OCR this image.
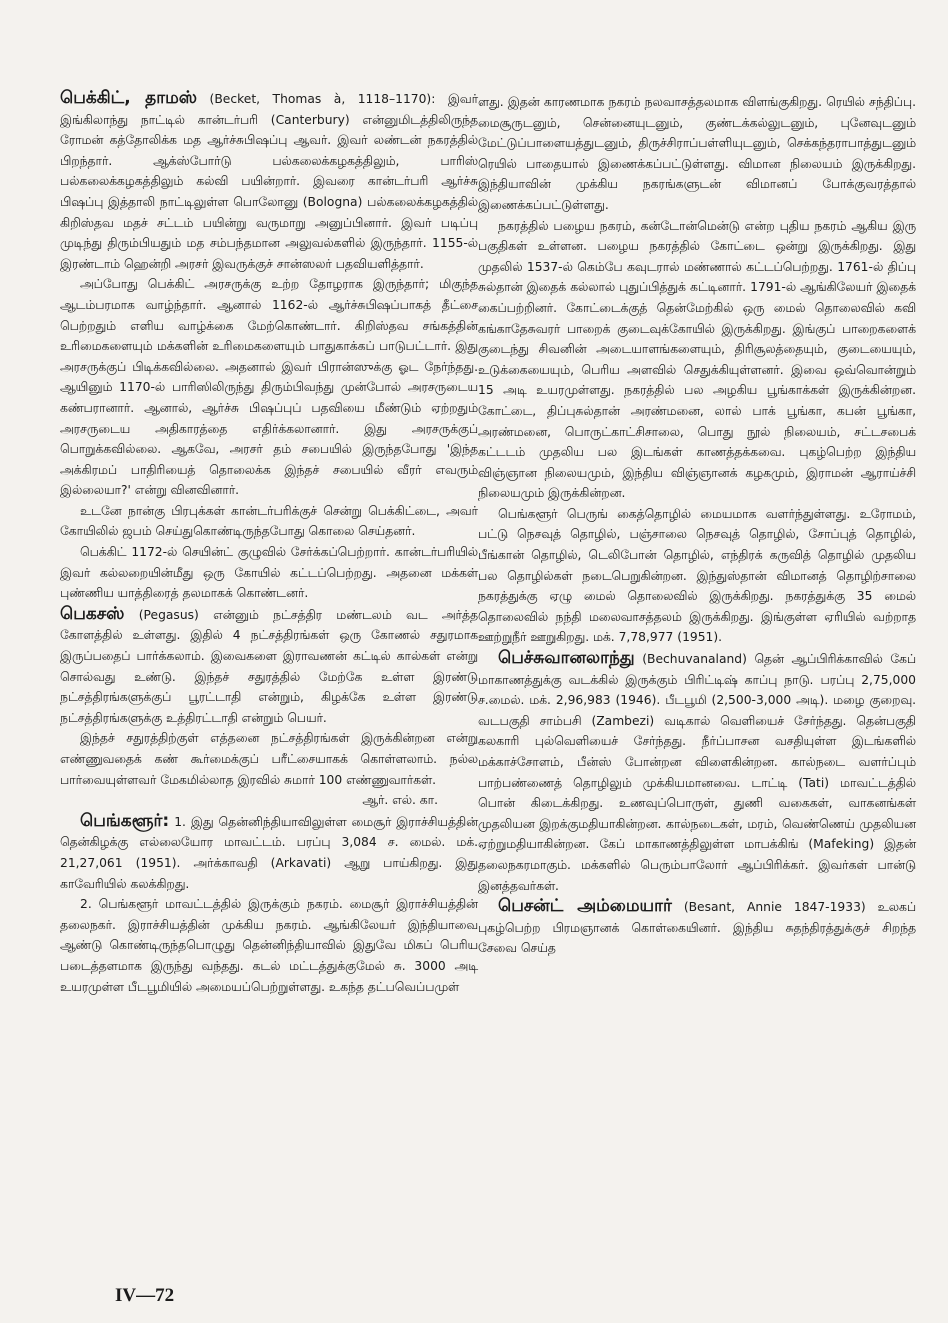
பெக்கிட், தாமஸ் (Becket, Thomas à, 1118–1170): இவர் இங்கிலாந்து நாட்டில் கான்டர்பரி (Canterbury) என்னுமிடத்திலிருந்த ரோமன் கத்தோலிக்க மத ஆர்ச்சுபிஷப்பு ஆவர். இவர் லண்டன் நகரத்தில் பிறந்தார். ஆக்ஸ்போர்டு பல்கலைக்கழகத்திலும், பாரிஸ் பல்கலைக்கழகத்திலும் கல்வி பயின்றார். இவரை கான்டர்பரி ஆர்ச்சு பிஷப்பு இத்தாலி நாட்டிலுள்ள பொலோனு (Bologna) பல்கலைக்கழகத்தில் கிறிஸ்தவ மதச் சட்டம் பயின்று வருமாறு அனுப்பினார். இவர் படிப்பு முடிந்து திரும்பியதும் மத சம்பந்தமான அலுவல்களில் இருந்தார். 1155-ல் இரண்டாம் ஹென்றி அரசர் இவருக்குச் சான்ஸலர் பதவியளித்தார்.

அப்போது பெக்கிட் அரசருக்கு உற்ற தோழராக இருந்தார்; மிகுந்த ஆடம்பரமாக வாழ்ந்தார். ஆனால் 1162-ல் ஆர்ச்சுபிஷப்பாகத் தீட்சை பெற்றதும் எளிய வாழ்க்கை மேற்கொண்டார். கிறிஸ்தவ சங்கத்தின் உரிமைகளையும் மக்களின் உரிமைகளையும் பாதுகாக்கப் பாடுபட்டார். இது அரசருக்குப் பிடிக்கவில்லை. அதனால் இவர் பிரான்ஸுக்கு ஓட நேர்ந்தது. ஆயினும் 1170-ல் பாரிஸிலிருந்து திரும்பிவந்து முன்போல் அரசருடைய கண்பரானார். ஆனால், ஆர்ச்சு பிஷப்புப் பதவியை மீண்டும் ஏற்றதும் அரசருடைய அதிகாரத்தை எதிர்க்கலானார். இது அரசருக்குப் பொறுக்கவில்லை. ஆகவே, அரசர் தம் சபையில் இருந்தபோது 'இந்த அக்கிரமப் பாதிரியைத் தொலைக்க இந்தச் சபையில் வீரர் எவரும் இல்லையா?' என்று வினவினார்.

உடனே நான்கு பிரபுக்கள் கான்டர்பரிக்குச் சென்று பெக்கிட்டை, அவர் கோயிலில் ஜபம் செய்துகொண்டிருந்தபோது கொலை செய்தனர்.

பெக்கிட் 1172-ல் செயின்ட் குழுவில் சேர்க்கப்பெற்றார். கான்டர்பரியில் இவர் கல்லறையின்மீது ஒரு கோயில் கட்டப்பெற்றது. அதனை மக்கள் புண்ணிய யாத்திரைத் தலமாகக் கொண்டனர்.

பெகசஸ் (Pegasus) என்னும் நட்சத்திர மண்டலம் வட அர்த்த கோளத்தில் உள்ளது. இதில் 4 நட்சத்திரங்கள் ஒரு கோணல் சதுரமாக இருப்பதைப் பார்க்கலாம். இவைகளை இராவணன் கட்டில் கால்கள் என்று சொல்வது உண்டு. இந்தச் சதுரத்தில் மேற்கே உள்ள இரண்டு நட்சத்திரங்களுக்குப் பூரட்டாதி என்றும், கிழக்கே உள்ள இரண்டு நட்சத்திரங்களுக்கு உத்திரட்டாதி என்றும் பெயர்.

இந்தச் சதுரத்திற்குள் எத்தனை நட்சத்திரங்கள் இருக்கின்றன என்று எண்ணுவதைக் கண் கூர்மைக்குப் பரீட்சையாகக் கொள்ளலாம். நல்ல பார்வையுள்ளவர் மேகமில்லாத இரவில் சுமார் 100 எண்ணுவார்கள்.
ஆர். எல். கா.

பெங்களூர்: 1. இது தென்னிந்தியாவிலுள்ள மைசூர் இராச்சியத்தின் தென்கிழக்கு எல்லையோர மாவட்டம். பரப்பு 3,084 ச. மைல். மக். 21,27,061 (1951). அர்க்காவதி (Arkavati) ஆறு பாய்கிறது. இது காவேரியில் கலக்கிறது.

2. பெங்களூர் மாவட்டத்தில் இருக்கும் நகரம். மைசூர் இராச்சியத்தின் தலைநகர். இராச்சியத்தின் முக்கிய நகரம். ஆங்கிலேயர் இந்தியாவை ஆண்டு கொண்டிருந்தபொழுது தென்னிந்தியாவில் இதுவே மிகப் பெரிய படைத்தளமாக இருந்து வந்தது. கடல் மட்டத்துக்குமேல் சு. 3000 அடி உயரமுள்ள பீடபூமியில் அமையப்பெற்றுள்ளது. உகந்த தட்பவெப்பமுள்

ளது. இதன் காரணமாக நகரம் நலவாசத்தலமாக விளங்குகிறது. ரெயில் சந்திப்பு. மைசூருடனும், சென்னையுடனும், குண்டக்கல்லுடனும், புனேவுடனும் மேட்டுப்பாளையத்துடனும், திருச்சிராப்பள்ளியுடனும், செக்கந்தராபாத்துடனும் ரெயில் பாதையால் இணைக்கப்பட்டுள்ளது. விமான நிலையம் இருக்கிறது. இந்தியாவின் முக்கிய நகரங்களுடன் விமானப் போக்குவரத்தால் இணைக்கப்பட்டுள்ளது.

நகரத்தில் பழைய நகரம், கன்டோன்மென்டு என்ற புதிய நகரம் ஆகிய இரு பகுதிகள் உள்ளன. பழைய நகரத்தில் கோட்டை ஒன்று இருக்கிறது. இது முதலில் 1537-ல் கெம்பே கவுடரால் மண்ணால் கட்டப்பெற்றது. 1761-ல் திப்பு சுல்தான் இதைக் கல்லால் புதுப்பித்துக் கட்டினார். 1791-ல் ஆங்கிலேயர் இதைக் கைப்பற்றினர். கோட்டைக்குத் தென்மேற்கில் ஒரு மைல் தொலைவில் கவி கங்காதேசுவரர் பாறைக் குடைவுக்கோயில் இருக்கிறது. இங்குப் பாறைகளைக் குடைந்து சிவனின் அடையாளங்களையும், திரிசூலத்தையும், குடையையும், உடுக்கையையும், பெரிய அளவில் செதுக்கியுள்ளனர். இவை ஒவ்வொன்றும் 15 அடி உயரமுள்ளது. நகரத்தில் பல அழகிய பூங்காக்கள் இருக்கின்றன. கோட்டை, திப்புசுல்தான் அரண்மனை, லால் பாக் பூங்கா, கபன் பூங்கா, அரண்மனை, பொருட்காட்சிசாலை, பொது நூல் நிலையம், சட்டசபைக் கட்டடம் முதலிய பல இடங்கள் காணத்தக்கவை. புகழ்பெற்ற இந்திய விஞ்ஞான நிலையமும், இந்திய விஞ்ஞானக் கழகமும், இராமன் ஆராய்ச்சி நிலையமும் இருக்கின்றன.

பெங்களூர் பெருங் கைத்தொழில் மையமாக வளர்ந்துள்ளது. உரோமம், பட்டு நெசவுத் தொழில், பஞ்சாலை நெசவுத் தொழில், சோப்புத் தொழில், பீங்கான் தொழில், டெலிபோன் தொழில், எந்திரக் கருவித் தொழில் முதலிய பல தொழில்கள் நடைபெறுகின்றன. இந்துஸ்தான் விமானத் தொழிற்சாலை நகரத்துக்கு ஏழு மைல் தொலைவில் இருக்கிறது. நகரத்துக்கு 35 மைல் தொலைவில் நந்தி மலைவாசத்தலம் இருக்கிறது. இங்குள்ள ஏரியில் வற்றாத ஊற்றுநீர் ஊறுகிறது. மக். 7,78,977 (1951).

பெச்சுவானலாந்து (Bechuvanaland) தென் ஆப்பிரிக்காவில் கேப் மாகாணத்துக்கு வடக்கில் இருக்கும் பிரிட்டிஷ் காப்பு நாடு. பரப்பு 2,75,000 ச.மைல். மக். 2,96,983 (1946). பீடபூமி (2,500-3,000 அடி). மழை குறைவு. வடபகுதி சாம்பசி (Zambezi) வடிகால் வெளியைச் சேர்ந்தது. தென்பகுதி கலகாரி புல்வெளியைச் சேர்ந்தது. நீர்ப்பாசன வசதியுள்ள இடங்களில் மக்காச்சோளம், பீன்ஸ் போன்றன விளைகின்றன. கால்நடை வளர்ப்பும் பாற்பண்ணைத் தொழிலும் முக்கியமானவை. டாட்டி (Tati) மாவட்டத்தில் பொன் கிடைக்கிறது. உணவுப்பொருள், துணி வகைகள், வாகனங்கள் முதலியன இறக்குமதியாகின்றன. கால்நடைகள், மரம், வெண்ணெய் முதலியன ஏற்றுமதியாகின்றன. கேப் மாகாணத்திலுள்ள மாபக்கிங் (Mafeking) இதன் தலைநகரமாகும். மக்களில் பெரும்பாலோர் ஆப்பிரிக்கர். இவர்கள் பான்டு இனத்தவர்கள்.

பெசன்ட் அம்மையார் (Besant, Annie 1847-1933) உலகப் புகழ்பெற்ற பிரமஞானக் கொள்கையினர். இந்திய சுதந்திரத்துக்குச் சிறந்த சேவை செய்த

IV—72
